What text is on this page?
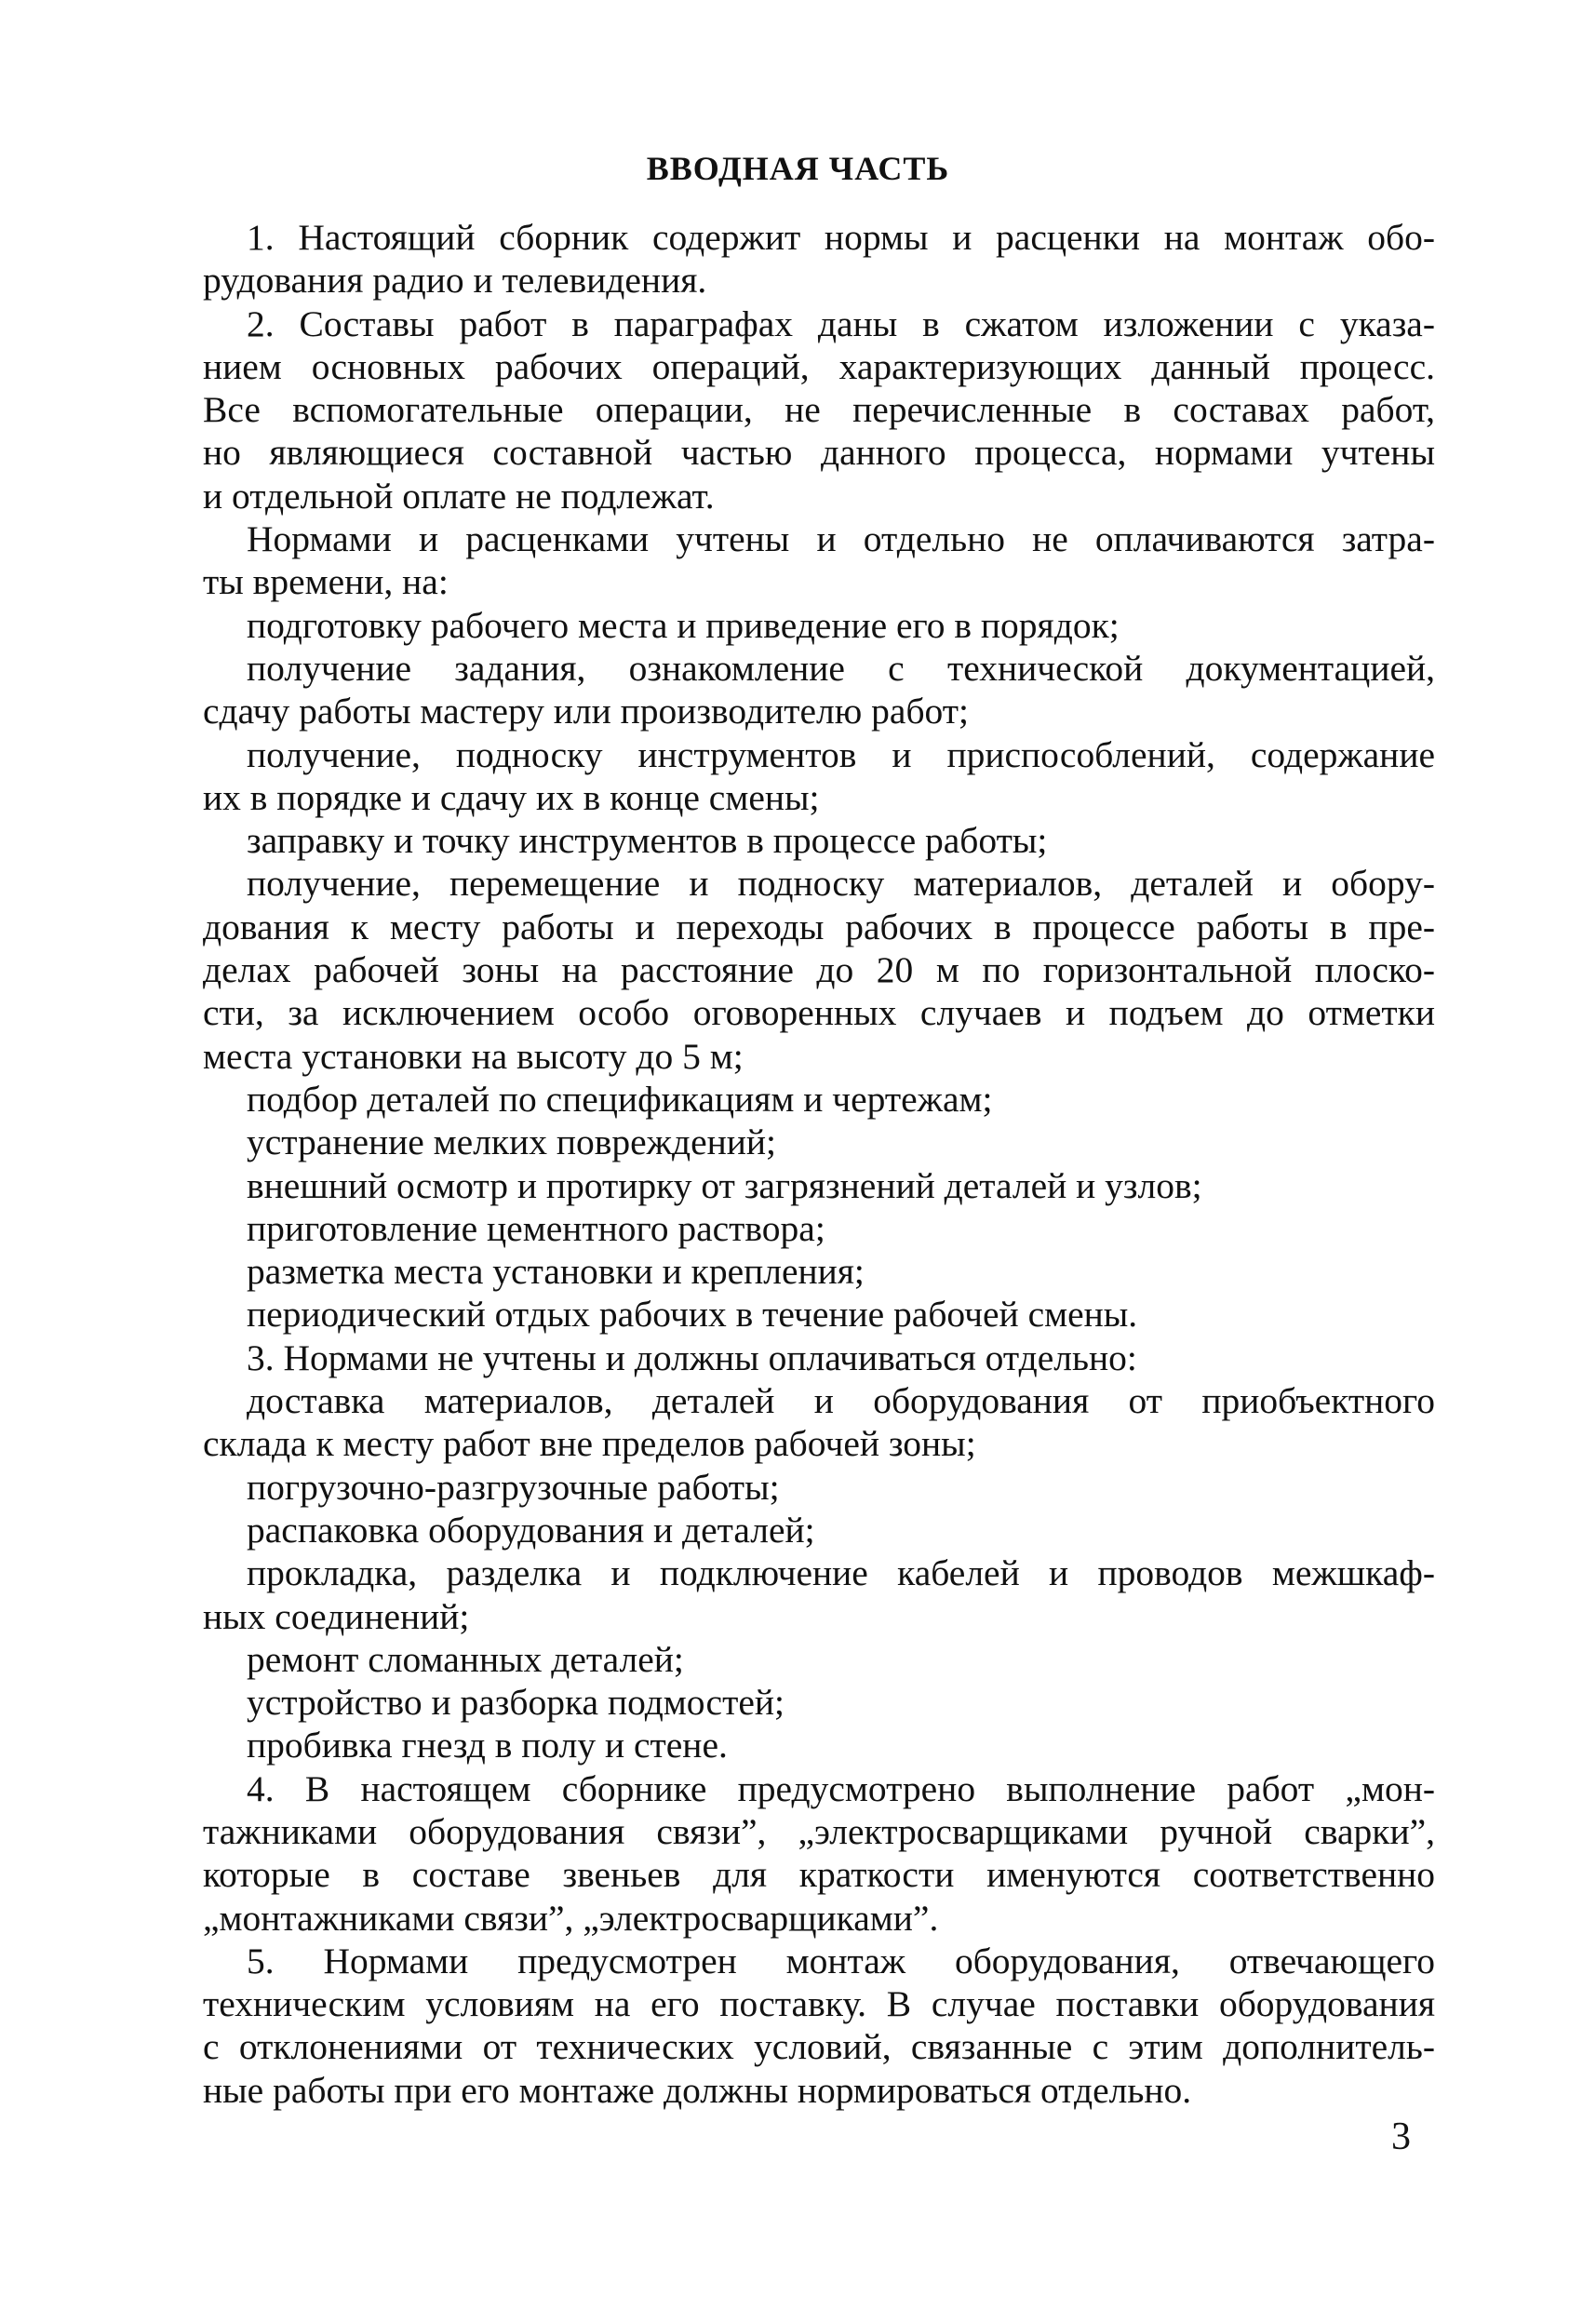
ВВОДНАЯ ЧАСТЬ
1. Настоящий сборник содержит нормы и расценки на монтаж обо-
рудования радио и телевидения.
2. Составы работ в параграфах даны в сжатом изложении с указа-
нием основных рабочих операций, характеризующих данный процесс.
Все вспомогательные операции, не перечисленные в составах работ,
но являющиеся составной частью данного процесса, нормами учтены
и отдельной оплате не подлежат.
Нормами и расценками учтены и отдельно не оплачиваются затра-
ты времени, на:
подготовку рабочего места и приведение его в порядок;
получение задания, ознакомление с технической документацией,
сдачу работы мастеру или производителю работ;
получение, подноску инструментов и приспособлений, содержание
их в порядке и сдачу их в конце смены;
заправку и точку инструментов в процессе работы;
получение, перемещение и подноску материалов, деталей и обору-
дования к месту работы и переходы рабочих в процессе работы в пре-
делах рабочей зоны на расстояние до 20 м по горизонтальной плоско-
сти, за исключением особо оговоренных случаев и подъем до отметки
места установки на высоту до 5 м;
подбор деталей по спецификациям и чертежам;
устранение мелких повреждений;
внешний осмотр и протирку от загрязнений деталей и узлов;
приготовление цементного раствора;
разметка места установки и крепления;
периодический отдых рабочих в течение рабочей смены.
3. Нормами не учтены и должны оплачиваться отдельно:
доставка материалов, деталей и оборудования от приобъектного
склада к месту работ вне пределов рабочей зоны;
погрузочно-разгрузочные работы;
распаковка оборудования и деталей;
прокладка, разделка и подключение кабелей и проводов межшкаф-
ных соединений;
ремонт сломанных деталей;
устройство и разборка подмостей;
пробивка гнезд в полу и стене.
4. В настоящем сборнике предусмотрено выполнение работ „мон-
тажниками оборудования связи”, „электросварщиками ручной сварки”,
которые в составе звеньев для краткости именуются соответственно
„монтажниками связи”, „электросварщиками”.
5. Нормами предусмотрен монтаж оборудования, отвечающего
техническим условиям на его поставку. В случае поставки оборудования
с отклонениями от технических условий, связанные с этим дополнитель-
ные работы при его монтаже должны нормироваться отдельно.
3
